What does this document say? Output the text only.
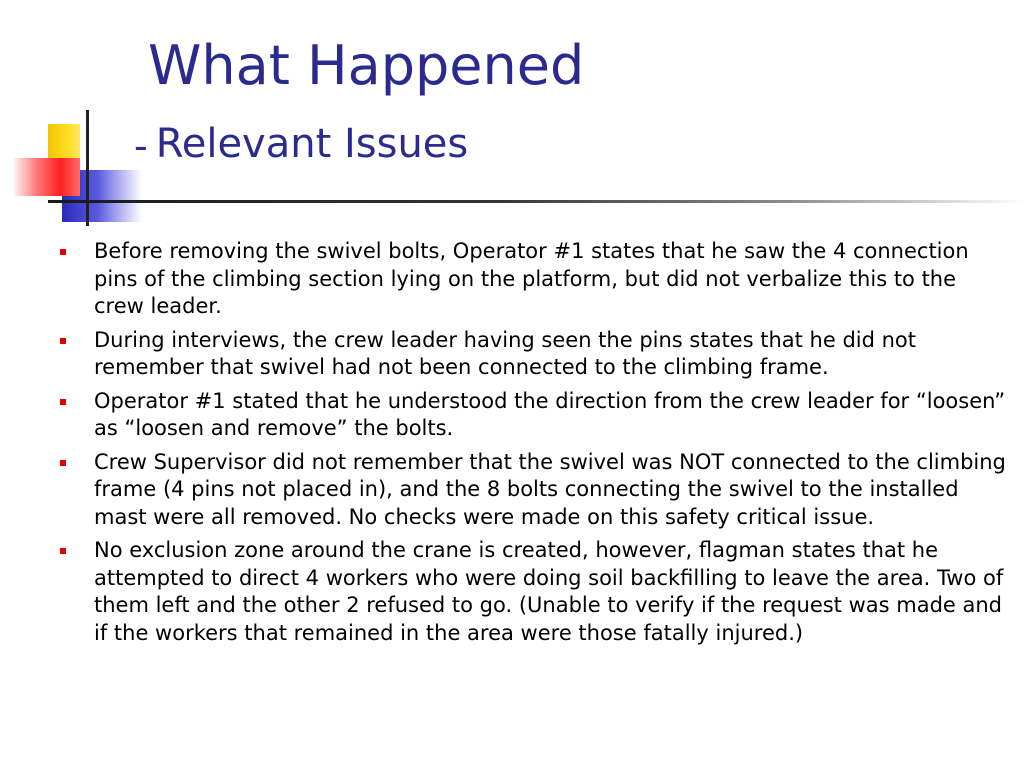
What Happened
- Relevant Issues
Before removing the swivel bolts, Operator #1 states that he saw the 4 connection pins of the climbing section lying on the platform, but did not verbalize this to the crew leader.
During interviews, the crew leader having seen the pins states that he did not remember that swivel had not been connected to the climbing frame.
Operator #1 stated that he understood the direction from the crew leader for “loosen” as “loosen and remove” the bolts.
Crew Supervisor did not remember that the swivel was NOT connected to the climbing frame (4 pins not placed in), and the 8 bolts connecting the swivel to the installed mast were all removed. No checks were made on this safety critical issue.
No exclusion zone around the crane is created, however, flagman states that he attempted to direct 4 workers who were doing soil backfilling to leave the area. Two of them left and the other 2 refused to go. (Unable to verify if the request was made and if the workers that remained in the area were those fatally injured.)
